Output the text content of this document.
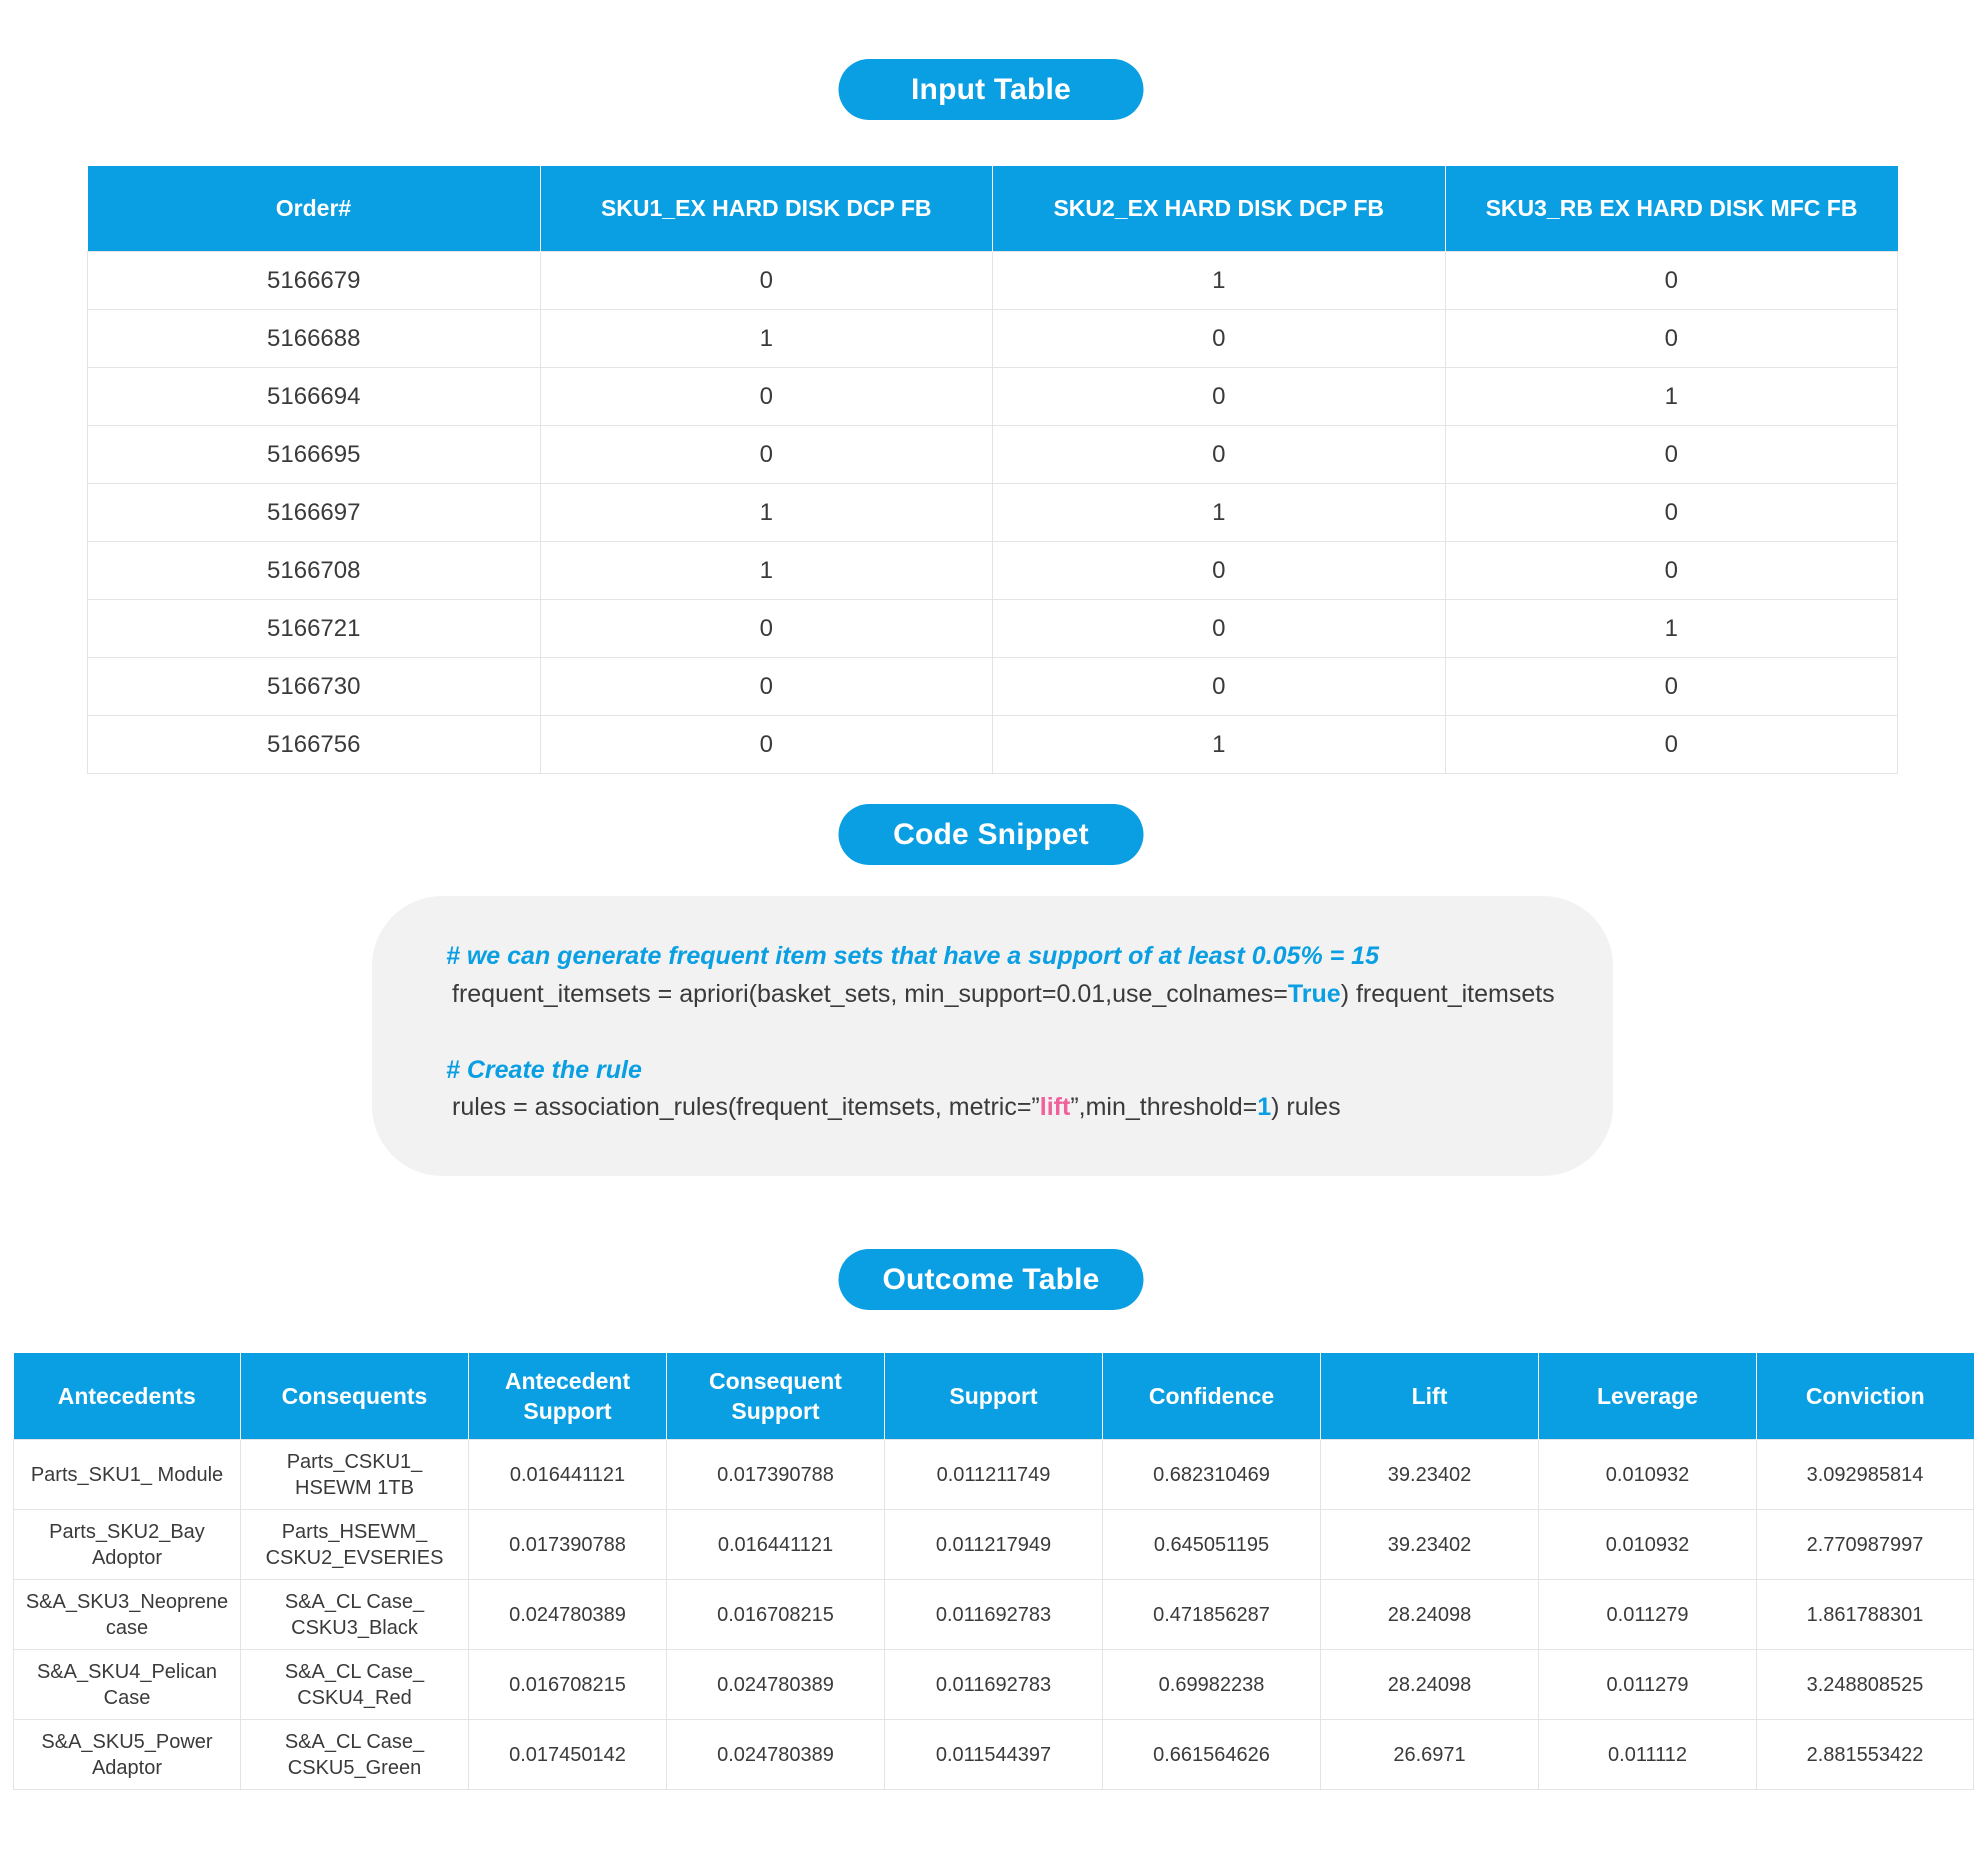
Input Table
Order#	SKU1_EX HARD DISK DCP FB	SKU2_EX HARD DISK DCP FB	SKU3_RB EX HARD DISK MFC FB
5166679	0	1	0
5166688	1	0	0
5166694	0	0	1
5166695	0	0	0
5166697	1	1	0
5166708	1	0	0
5166721	0	0	1
5166730	0	0	0
5166756	0	1	0
Code Snippet
# we can generate frequent item sets that have a support of at least 0.05% = 15
frequent_itemsets = apriori(basket_sets, min_support=0.01,use_colnames=True) frequent_itemsets
# Create the rule
rules = association_rules(frequent_itemsets, metric=”lift”,min_threshold=1) rules
Outcome Table
Antecedents	Consequents	Antecedent Support	Consequent Support	Support	Confidence	Lift	Leverage	Conviction
Parts_SKU1_ Module	Parts_CSKU1_ HSEWM 1TB	0.016441121	0.017390788	0.011211749	0.682310469	39.23402	0.010932	3.092985814
Parts_SKU2_Bay Adoptor	Parts_HSEWM_ CSKU2_EVSERIES	0.017390788	0.016441121	0.011217949	0.645051195	39.23402	0.010932	2.770987997
S&A_SKU3_Neoprene case	S&A_CL Case_ CSKU3_Black	0.024780389	0.016708215	0.011692783	0.471856287	28.24098	0.011279	1.861788301
S&A_SKU4_Pelican Case	S&A_CL Case_ CSKU4_Red	0.016708215	0.024780389	0.011692783	0.69982238	28.24098	0.011279	3.248808525
S&A_SKU5_Power Adaptor	S&A_CL Case_ CSKU5_Green	0.017450142	0.024780389	0.011544397	0.661564626	26.6971	0.011112	2.881553422
